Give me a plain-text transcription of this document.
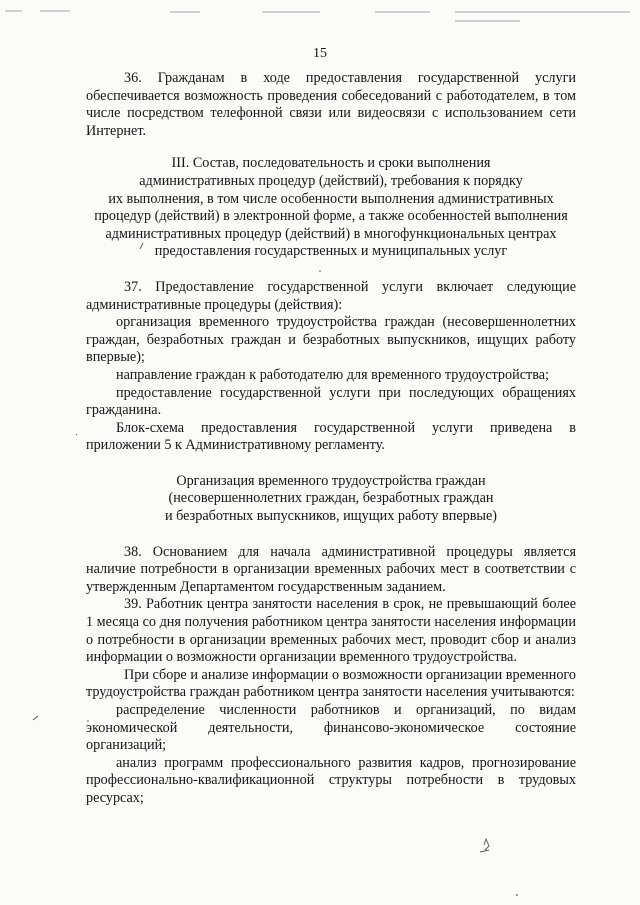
15

36. Гражданам в ходе предоставления государственной услуги обеспечивается возможность проведения собеседований с работодателем, в том числе посредством телефонной связи или видеосвязи с использованием сети Интернет.

III. Состав, последовательность и сроки выполнения
административных процедур (действий), требования к порядку
их выполнения, в том числе особенности выполнения административных
процедур (действий) в электронной форме, а также особенностей выполнения
административных процедур (действий) в многофункциональных центрах
предоставления государственных и муниципальных услуг

37. Предоставление государственной услуги включает следующие административные процедуры (действия):

организация временного трудоустройства граждан (несовершеннолетних граждан, безработных граждан и безработных выпускников, ищущих работу впервые);

направление граждан к работодателю для временного трудоустройства;

предоставление государственной услуги при последующих обращениях гражданина.

Блок-схема предоставления государственной услуги приведена в приложении 5 к Административному регламенту.

Организация временного трудоустройства граждан
(несовершеннолетних граждан, безработных граждан
и безработных выпускников, ищущих работу впервые)

38. Основанием для начала административной процедуры является наличие потребности в организации временных рабочих мест в соответствии с утвержденным Департаментом государственным заданием.

39. Работник центра занятости населения в срок, не превышающий более 1 месяца со дня получения работником центра занятости населения информации о потребности в организации временных рабочих мест, проводит сбор и анализ информации о возможности организации временного трудоустройства.

При сборе и анализе информации о возможности организации временного трудоустройства граждан работником центра занятости населения учитываются:

распределение численности работников и организаций, по видам экономической деятельности, финансово-экономическое состояние организаций;

анализ программ профессионального развития кадров, прогнозирование профессионально-квалификационной структуры потребности в трудовых ресурсах;
